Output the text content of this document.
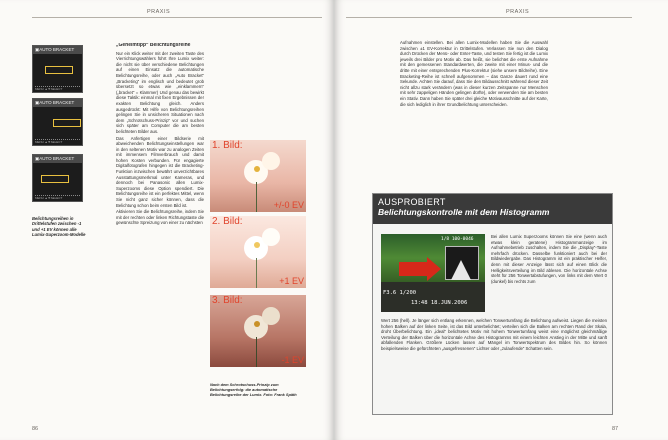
PRAXIS
▣AUTO BRACKET
MENU ▲▼SELECT
▣AUTO BRACKET
MENU ▲▼SELECT
▣AUTO BRACKET
MENU ▲▼SELECT
Belichtungsreihen in Drittelstufen zwischen -1 und +1 EV können alle Lumix-Superzoom-Modelle
„Geheimtipp“ Belichtungsreihe

Nur ein Klick weiter mit der zweiten Taste des Vierrichtungswählers führt Ihre Lumix weiter: die nicht sie über verschiedene Belichtungen auf einen Einsatz die automatische Belichtungsreihe, oder auch „Auto Bracket“ „Bracketing“ im englisch und bedeutet grob übersetzt so etwas wie „einklammern“ („bracket“ = Klammer) Und genau das bewirkt diese Taktik: einmal mit fixen Ergebnissen der exakten Belichtung gleich. Anders ausgedrückt: Mit Hilfe von Belichtungsreihen gelingen Sie in unsicheren Situationen nach dem „Schrotschuss-Prinzip“ vor und suchen sich später am Computer die am besten belichteten Bilder aus.

Das Anfertigen einer Bildserie mit abweichenden Belichtungseinstellungen war in den seltenen Motiv war zu analogen Zeiten mit immensem Filmverbrauch und damit hohen Kosten verbunden. Für engagierte Digitalfotografen hingegen ist die Bracketing-Funktion inzwischen bewährt unverzichtbares Ausstattungsmerkmal unter Kameras, und dennoch bei Panasonic allen Lumix-Superzooms diese Option spendiert. Die Belichtungsreihe ist ein perfektes Mittel, wenn Sie nicht ganz sicher können, dass die Belichtung schon beim ersten Bild ist.

Aktivieren Sie die Belichtungsreihe, indem Sie mit der rechten oder linken Richtungstaste die gewünschte Spreizung von einer zu nächsten

1. Bild:
+/-0 EV
2. Bild:
+1 EV
3. Bild:
-1 EV
Nach dem Schrotschuss-Prinzip zum Belichtungserfolg: die automatische Belichtungsreihe der Lumix. Foto: Frank Späth
86
PRAXIS

Aufnahmen einstellen. Bei allen Lumix-Modellen haben Sie die Auswahl zwischen ±1 EV-Korrektur in Drittelstufen. Verlassen Sie nun den Dialog durch Drücken der Menü- oder Enter-Taste, und testen Sie fertig ist die Lumix jeweils drei Bilder pro Motiv ab. Das heißt, sie belichtet die erste Aufnahme mit den gemessenen Standardwerten, die zweite mit einer Minus- und die dritte mit einer entsprechenden Plus-Korrektur (siehe unsere Bildreihe). Eine Bracketing-Reihe ist schnell aufgenommen – das Ganze dauert rund eine Sekunde. Achten Sie darauf, dass Sie den Bildausschnitt während dieser Zeit nicht allzu stark verändern (was in dieser kurzen Zeitspanne nur Menschen mit sehr zappeligen Händen gelingen dürfte), oder verwenden Sie am besten ein Stativ. Dann haben Sie später drei gleiche Motivausschnitte auf der Karte, die sich lediglich in ihrer Grundbelichtung unterscheiden.

87
AUSPROBIERT
Belichtungskontrolle mit dem Histogramm
1/8 100-0046
F3.6 1/200
13:48 18.JUN.2006
Bei allen Lumix Superzooms können Sie eine (wenn auch etwas klein geratene) Histogrammanzeige im Aufnahmebetrieb zuschalten, indem Sie die „Display“-Taste mehrfach drücken. Dasselbe funktioniert auch bei der Bildwiedergabe. Das Histogramm ist ein praktischer Helfer, denn mit dieser Anzeige lässt sich auf einen Blick die Helligkeitsverteilung im Bild ablesen. Die horizontale Achse steht für 256 Tonwertabstufungen, von links mit dem Wert 0 (dunkel) bis rechts zum
Wert 256 (hell). Je länger sich entlang erkennen, welchen Tonwertumfang die Belichtung aufweist. Liegen die meisten hohen Balken auf der linken Seite, ist das Bild unterbelichtet; verteilen sich die Balken am rechten Rand der Skala, droht Überbelichtung. Ein „ideal“ belichtetes Motiv mit hohem Tonwertumfang weist eine möglichst gleichmäßige Verteilung der Balken über die horizontale Achse des Histogramms mit einem leichten Anstieg in der Mitte und sanft abfallenden Flanken. Größere Lücken lassen auf Mängel im Tonwertspektrum des Bildes hin. So können beispielsweise die gefürchteten „ausgefressenen“ Lichter oder „zulaufende“ Schatten sein.
